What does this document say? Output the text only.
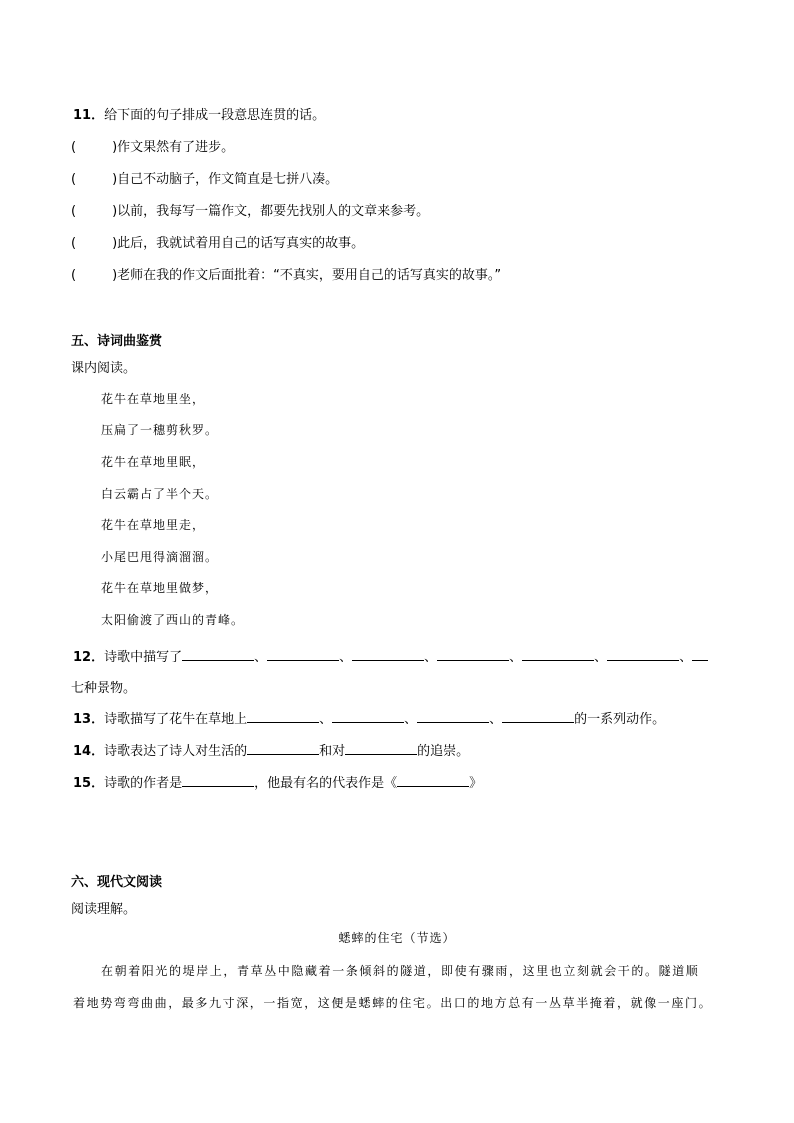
11．给下面的句子排成一段意思连贯的话。
(	)作文果然有了进步。
(	)自己不动脑子，作文简直是七拼八凑。
(	)以前，我每写一篇作文，都要先找别人的文章来参考。
(	)此后，我就试着用自己的话写真实的故事。
(	)老师在我的作文后面批着：“不真实，要用自己的话写真实的故事。”
五、诗词曲鉴赏
课内阅读。
花牛在草地里坐，
压扁了一穗剪秋罗。
花牛在草地里眠，
白云霸占了半个天。
花牛在草地里走，
小尾巴甩得滴溜溜。
花牛在草地里做梦，
太阳偷渡了西山的青峰。
12．诗歌中描写了	、	、	、	、	、	、
七种景物。
13．诗歌描写了花牛在草地上	、	、	、	的一系列动作。
14．诗歌表达了诗人对生活的	和对	的追崇。
15．诗歌的作者是	，他最有名的代表作是《	》
六、现代文阅读
阅读理解。
蟋蟀的住宅（节选）
在朝着阳光的堤岸上，青草丛中隐藏着一条倾斜的隧道，即使有骤雨，这里也立刻就会干的。隧道顺
着地势弯弯曲曲，最多九寸深，一指宽，这便是蟋蟀的住宅。出口的地方总有一丛草半掩着，就像一座门。
